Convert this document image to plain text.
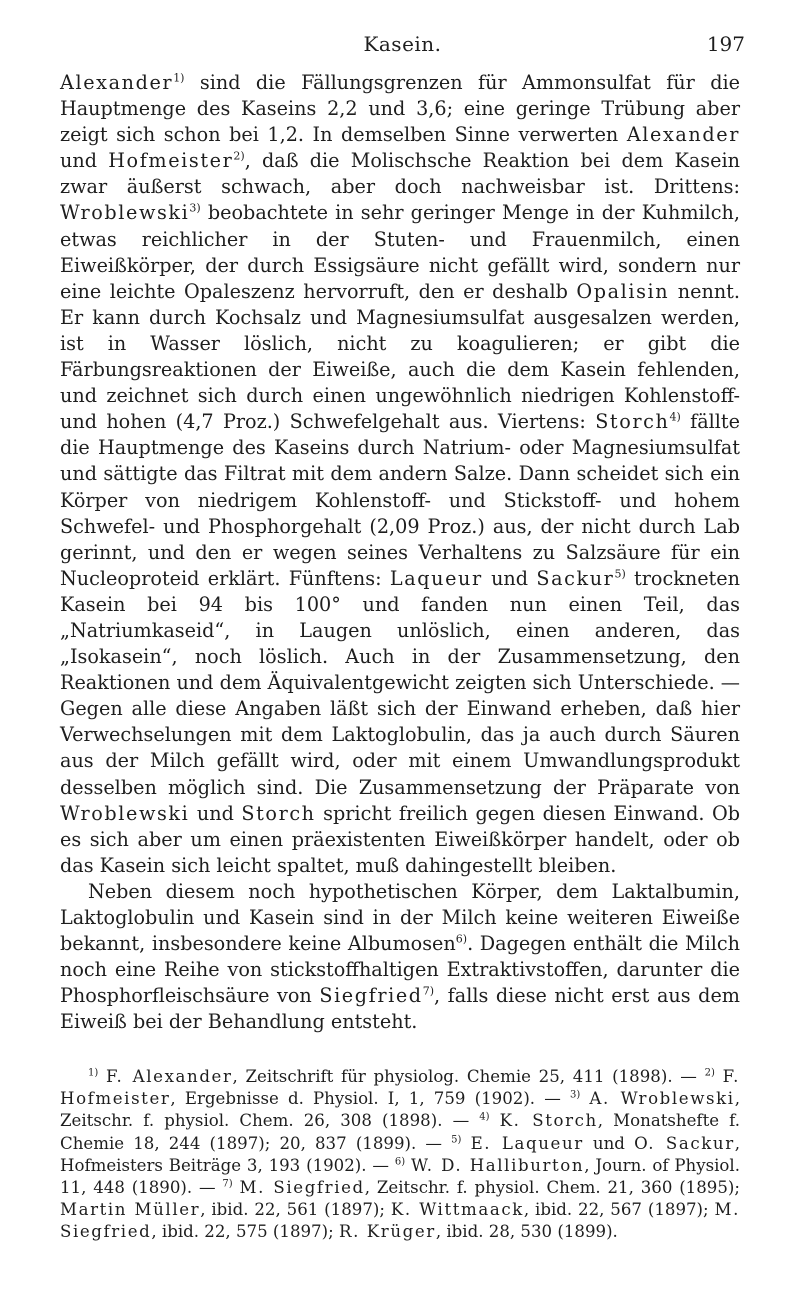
Kasein.	197

Alexander$^{1)}$ sind die Fällungsgrenzen für Ammonsulfat für die Hauptmenge des Kaseins 2,2 und 3,6; eine geringe Trübung aber zeigt sich schon bei 1,2. In demselben Sinne verwerten Alexander und Hofmeister$^{2)}$, daß die Molischsche Reaktion bei dem Kasein zwar äußerst schwach, aber doch nachweisbar ist. Drittens: Wroblewski$^{3)}$ beobachtete in sehr geringer Menge in der Kuhmilch, etwas reichlicher in der Stuten- und Frauenmilch, einen Eiweißkörper, der durch Essigsäure nicht gefällt wird, sondern nur eine leichte Opaleszenz hervorruft, den er deshalb Opalisin nennt. Er kann durch Kochsalz und Magnesiumsulfat ausgesalzen werden, ist in Wasser löslich, nicht zu koagulieren; er gibt die Färbungsreaktionen der Eiweiße, auch die dem Kasein fehlenden, und zeichnet sich durch einen ungewöhnlich niedrigen Kohlenstoff- und hohen (4,7 Proz.) Schwefelgehalt aus. Viertens: Storch$^{4)}$ fällte die Hauptmenge des Kaseins durch Natrium- oder Magnesiumsulfat und sättigte das Filtrat mit dem andern Salze. Dann scheidet sich ein Körper von niedrigem Kohlenstoff- und Stickstoff- und hohem Schwefel- und Phosphorgehalt (2,09 Proz.) aus, der nicht durch Lab gerinnt, und den er wegen seines Verhaltens zu Salzsäure für ein Nucleoproteid erklärt. Fünftens: Laqueur und Sackur$^{5)}$ trockneten Kasein bei 94 bis 100° und fanden nun einen Teil, das „Natriumkaseid“, in Laugen unlöslich, einen anderen, das „Isokasein“, noch löslich. Auch in der Zusammensetzung, den Reaktionen und dem Äquivalentgewicht zeigten sich Unterschiede. — Gegen alle diese Angaben läßt sich der Einwand erheben, daß hier Verwechselungen mit dem Laktoglobulin, das ja auch durch Säuren aus der Milch gefällt wird, oder mit einem Umwandlungsprodukt desselben möglich sind. Die Zusammensetzung der Präparate von Wroblewski und Storch spricht freilich gegen diesen Einwand. Ob es sich aber um einen präexistenten Eiweißkörper handelt, oder ob das Kasein sich leicht spaltet, muß dahingestellt bleiben.

Neben diesem noch hypothetischen Körper, dem Laktalbumin, Laktoglobulin und Kasein sind in der Milch keine weiteren Eiweiße bekannt, insbesondere keine Albumosen$^{6)}$. Dagegen enthält die Milch noch eine Reihe von stickstoffhaltigen Extraktivstoffen, darunter die Phosphorfleischsäure von Siegfried$^{7)}$, falls diese nicht erst aus dem Eiweiß bei der Behandlung entsteht.

$^{1)}$ F. Alexander, Zeitschrift für physiolog. Chemie 25, 411 (1898). — $^{2)}$ F. Hofmeister, Ergebnisse d. Physiol. I, 1, 759 (1902). — $^{3)}$ A. Wroblewski, Zeitschr. f. physiol. Chem. 26, 308 (1898). — $^{4)}$ K. Storch, Monatshefte f. Chemie 18, 244 (1897); 20, 837 (1899). — $^{5)}$ E. Laqueur und O. Sackur, Hofmeisters Beiträge 3, 193 (1902). — $^{6)}$ W. D. Halliburton, Journ. of Physiol. 11, 448 (1890). — $^{7)}$ M. Siegfried, Zeitschr. f. physiol. Chem. 21, 360 (1895); Martin Müller, ibid. 22, 561 (1897); K. Wittmaack, ibid. 22, 567 (1897); M. Siegfried, ibid. 22, 575 (1897); R. Krüger, ibid. 28, 530 (1899).
